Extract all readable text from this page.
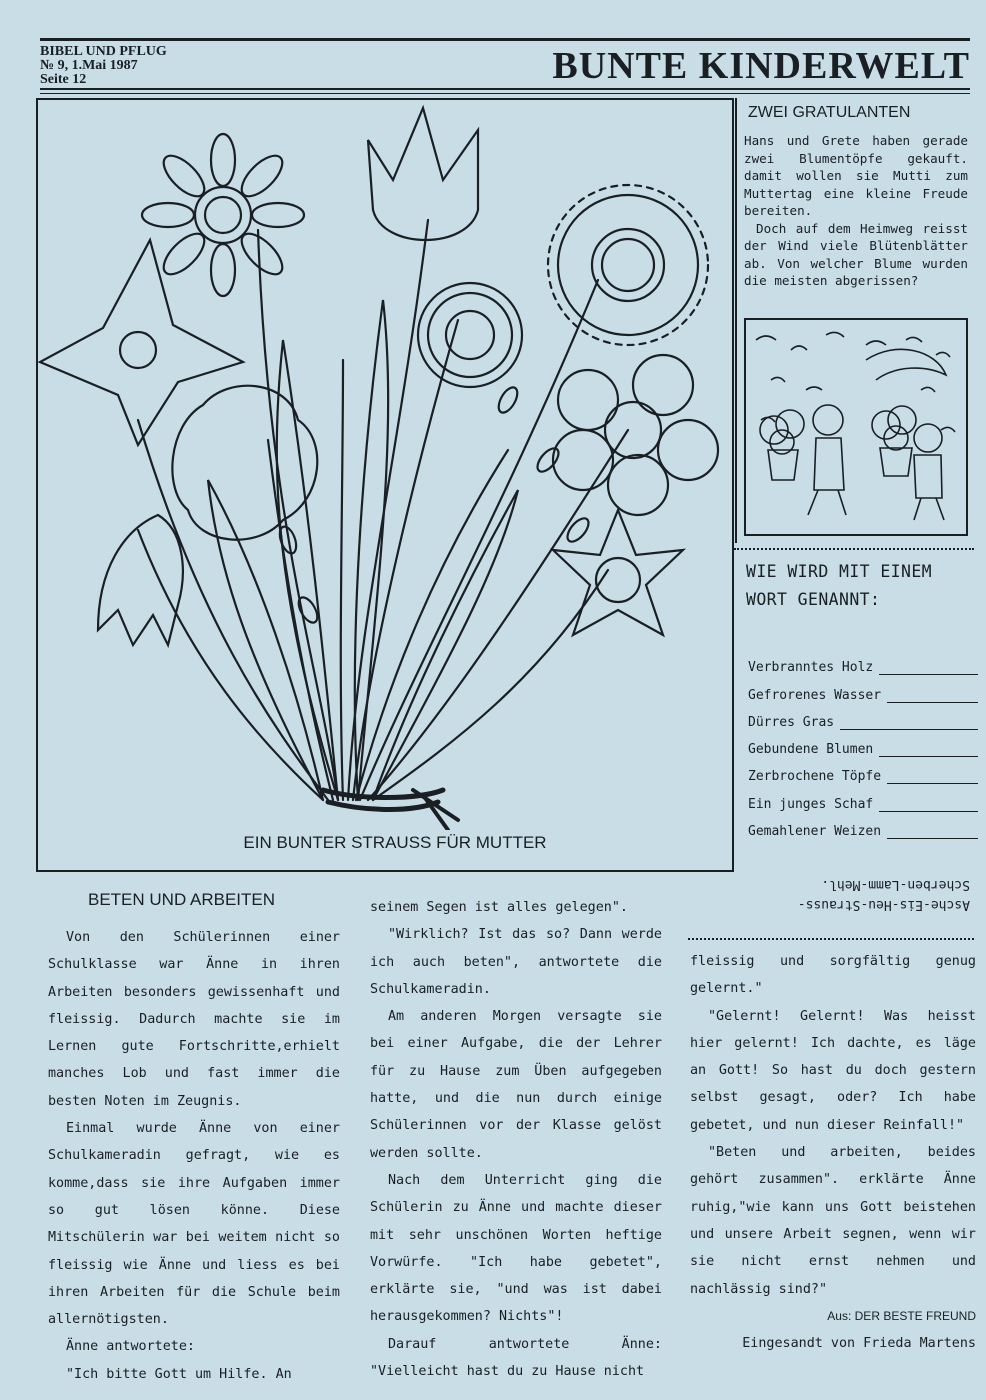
BIBEL UND PFLUG
№ 9, 1.Mai 1987
Seite 12	BUNTE KINDERWELT
EIN BUNTER STRAUSS FÜR MUTTER
ZWEI GRATULANTEN

Hans und Grete haben gerade zwei Blumentöpfe gekauft. damit wollen sie Mutti zum Muttertag eine kleine Freude bereiten.

Doch auf dem Heimweg reisst der Wind viele Blütenblätter ab. Von welcher Blume wurden die meisten abgerissen?

WIE WIRD MIT EINEM WORT GENANNT:
Verbranntes Holz
Gefrorenes Wasser
Dürres Gras
Gebundene Blumen
Zerbrochene Töpfe
Ein junges Schaf
Gemahlener Weizen
Asche-Eis-Heu-Strauss-Scherben-Lamm-Mehl.
BETEN UND ARBEITEN

Von den Schülerinnen einer Schulklasse war Änne in ihren Arbeiten besonders gewissenhaft und fleissig. Dadurch machte sie im Lernen gute Fortschritte,erhielt manches Lob und fast immer die besten Noten im Zeugnis.

Einmal wurde Änne von einer Schulkameradin gefragt, wie es komme,dass sie ihre Aufgaben immer so gut lösen könne. Diese Mitschülerin war bei weitem nicht so fleissig wie Änne und liess es bei ihren Arbeiten für die Schule beim allernötigsten.

Änne antwortete:

"Ich bitte Gott um Hilfe. An

seinem Segen ist alles gelegen".

"Wirklich? Ist das so? Dann werde ich auch beten", antwortete die Schulkameradin.

Am anderen Morgen versagte sie bei einer Aufgabe, die der Lehrer für zu Hause zum Üben aufgegeben hatte, und die nun durch einige Schülerinnen vor der Klasse gelöst werden sollte.

Nach dem Unterricht ging die Schülerin zu Änne und machte dieser mit sehr unschönen Worten heftige Vorwürfe. "Ich habe gebetet", erklärte sie, "und was ist dabei herausgekommen? Nichts"!

Darauf antwortete Änne: "Vielleicht hast du zu Hause nicht

fleissig und sorgfältig genug gelernt."

"Gelernt! Gelernt! Was heisst hier gelernt! Ich dachte, es läge an Gott! So hast du doch gestern selbst gesagt, oder? Ich habe gebetet, und nun dieser Reinfall!"

"Beten und arbeiten, beides gehört zusammen". erklärte Änne ruhig,"wie kann uns Gott beistehen und unsere Arbeit segnen, wenn wir sie nicht ernst nehmen und nachlässig sind?"

Aus: DER BESTE FREUND
Eingesandt von Frieda Martens
